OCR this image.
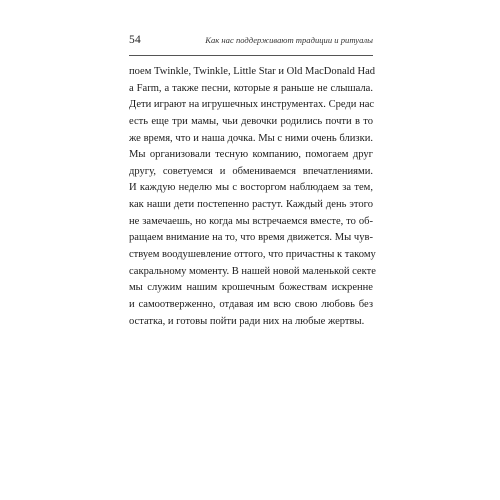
54	Как нас поддерживают традиции и ритуалы
поем Twinkle, Twinkle, Little Star и Old MacDonald Had
a Farm, а также песни, которые я раньше не слышала.
Дети играют на игрушечных инструментах. Среди нас
есть еще три мамы, чьи девочки родились почти в то
же время, что и наша дочка. Мы с ними очень близки.
Мы организовали тесную компанию, помогаем друг
другу, советуемся и обмениваемся впечатлениями.
И каждую неделю мы с восторгом наблюдаем за тем,
как наши дети постепенно растут. Каждый день этого
не замечаешь, но когда мы встречаемся вместе, то об-
ращаем внимание на то, что время движется. Мы чув-
ствуем воодушевление оттого, что причастны к такому
сакральному моменту. В нашей новой маленькой секте
мы служим нашим крошечным божествам искренне
и самоотверженно, отдавая им всю свою любовь без
остатка, и готовы пойти ради них на любые жертвы.
